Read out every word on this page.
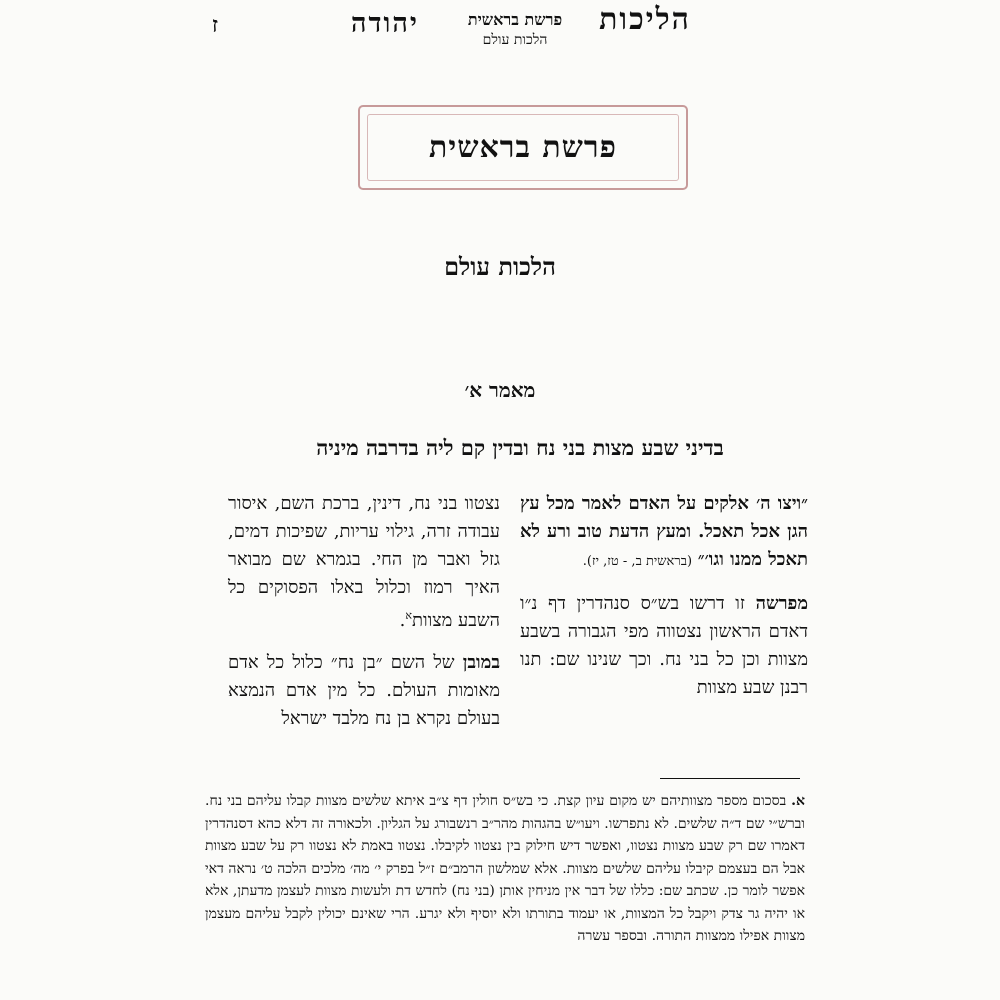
הליכות
פרשת בראשית
הלכות עולם
יהודה
ז
פרשת בראשית
הלכות עולם
מאמר א׳
בדיני שבע מצות בני נח ובדין קם ליה בדרבה מיניה

״ויצו ה׳ אלקים על האדם לאמר מכל עץ הגן אכל תאכל. ומעץ הדעת טוב ורע לא תאכל ממנו וגו׳״ (בראשית ב, - טז, יז).

מפרשה זו דרשו בש״ס סנהדרין דף נ״ו דאדם הראשון נצטווה מפי הגבורה בשבע מצוות וכן כל בני נח. וכך שנינו שם: תנו רבנן שבע מצוות

נצטוו בני נח, דינין, ברכת השם, איסור עבודה זרה, גילוי עריות, שפיכות דמים, גזל ואבר מן החי. בגמרא שם מבואר האיך רמוז וכלול באלו הפסוקים כל השבע מצוות$^א$.

במובן של השם ״בן נח״ כלול כל אדם מאומות העולם. כל מין אדם הנמצא בעולם נקרא בן נח מלבד ישראל

א. בסכום מספר מצוותיהם יש מקום עיון קצת. כי בש״ס חולין דף צ״ב איתא שלשים מצוות קבלו עליהם בני נח. וברש״י שם ד״ה שלשים. לא נתפרשו. ויעו״ש בהגהות מהר״ב רנשבורג על הגליון. ולכאורה זה דלא כהא דסנהדרין דאמרו שם רק שבע מצוות נצטוו, ואפשר דיש חילוק בין נצטוו לקיבלו. נצטוו באמת לא נצטוו רק על שבע מצוות אבל הם בעצמם קיבלו עליהם שלשים מצוות. אלא שמלשון הרמב״ם ז״ל בפרק י׳ מה׳ מלכים הלכה ט׳ נראה דאי אפשר לומר כן. שכתב שם: כללו של דבר אין מניחין אותן (בני נח) לחדש דת ולעשות מצוות לעצמן מדעתן, אלא או יהיה גר צדק ויקבל כל המצוות, או יעמוד בתורתו ולא יוסיף ולא יגרע. הרי שאינם יכולין לקבל עליהם מעצמן מצוות אפילו ממצוות התורה. ובספר עשרה
